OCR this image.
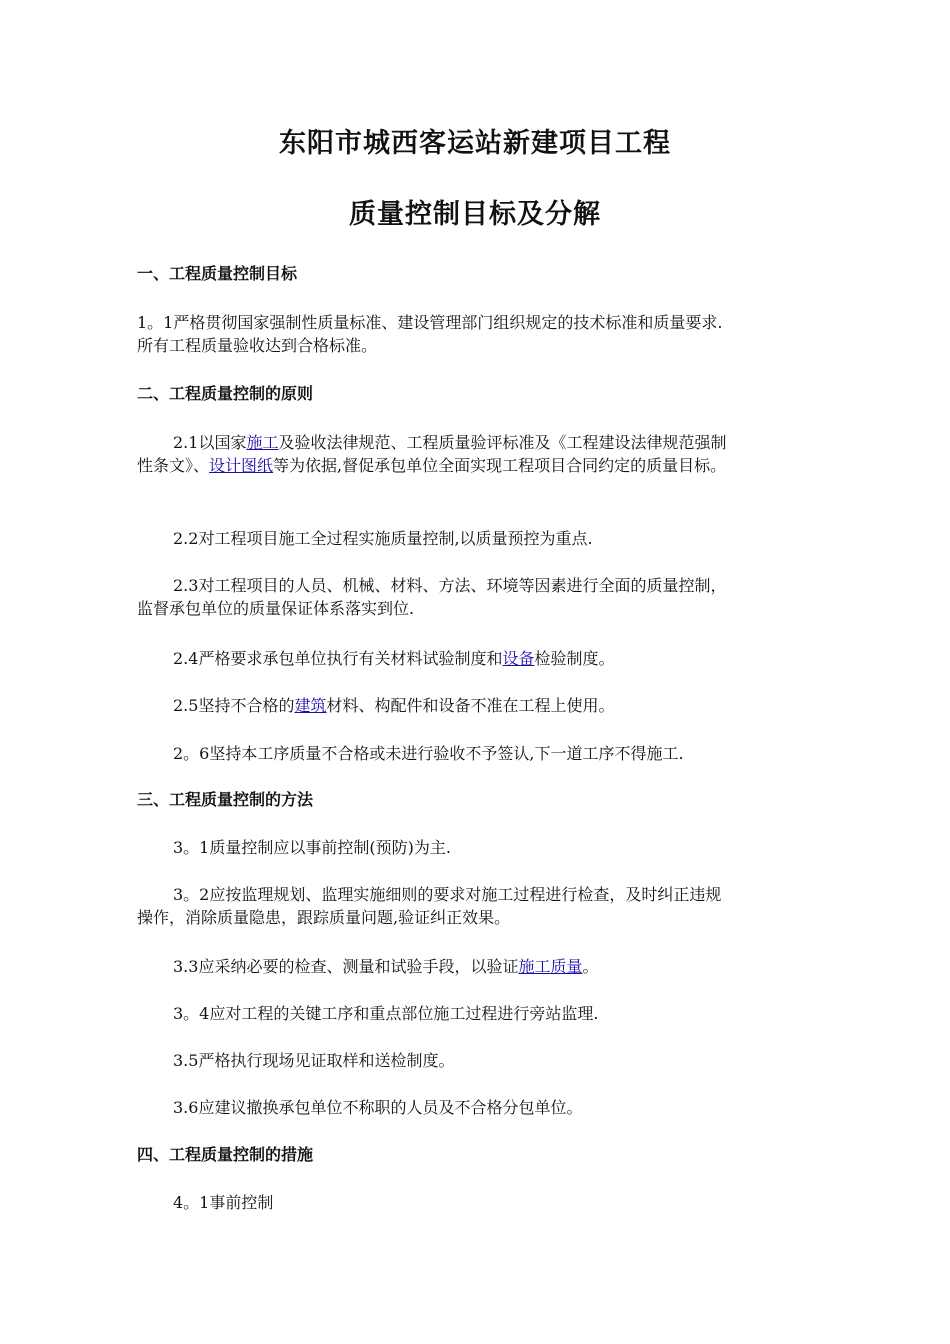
东阳市城西客运站新建项目工程
质量控制目标及分解
一、工程质量控制目标
1。1严格贯彻国家强制性质量标准、建设管理部门组织规定的技术标准和质量要求.
所有工程质量验收达到合格标准。
二、工程质量控制的原则
2.1以国家施工及验收法律规范、工程质量验评标准及《工程建设法律规范强制
性条文》、设计图纸等为依据,督促承包单位全面实现工程项目合同约定的质量目标。
2.2对工程项目施工全过程实施质量控制,以质量预控为重点.
2.3对工程项目的人员、机械、材料、方法、环境等因素进行全面的质量控制，
监督承包单位的质量保证体系落实到位.
2.4严格要求承包单位执行有关材料试验制度和设备检验制度。
2.5坚持不合格的建筑材料、构配件和设备不准在工程上使用。
2。6坚持本工序质量不合格或未进行验收不予签认,下一道工序不得施工.
三、工程质量控制的方法
3。1质量控制应以事前控制(预防)为主.
3。2应按监理规划、监理实施细则的要求对施工过程进行检查，及时纠正违规
操作，消除质量隐患，跟踪质量问题,验证纠正效果。
3.3应采纳必要的检查、测量和试验手段，以验证施工质量。
3。4应对工程的关键工序和重点部位施工过程进行旁站监理.
3.5严格执行现场见证取样和送检制度。
3.6应建议撤换承包单位不称职的人员及不合格分包单位。
四、工程质量控制的措施
4。1事前控制
